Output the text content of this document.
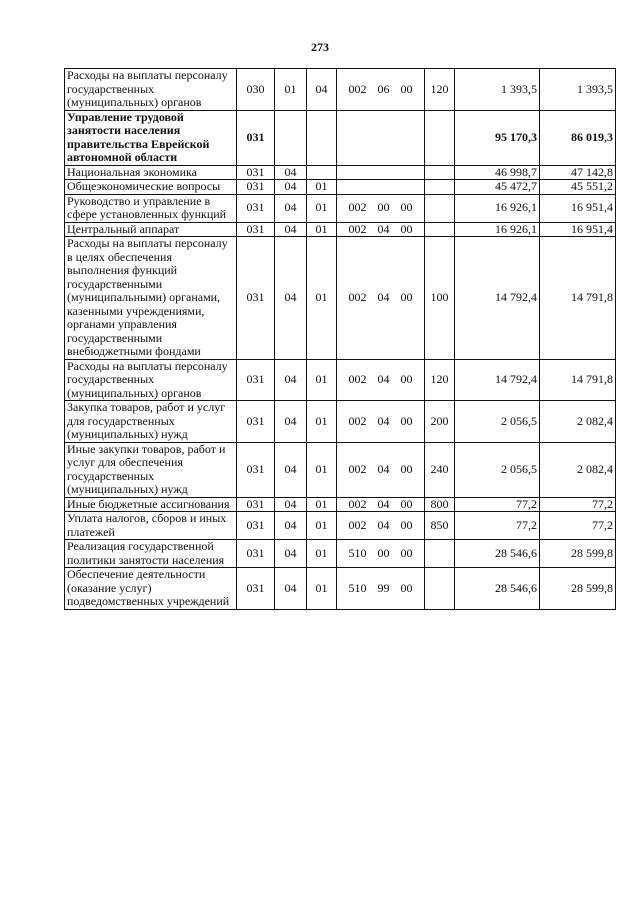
273
Расходы на выплаты персоналу государственных (муниципальных) органов	030	01	04	002 06 00	120	1 393,5	1 393,5
Управление трудовой занятости населения правительства Еврейской автономной области	031					95 170,3	86 019,3
Национальная экономика	031	04				46 998,7	47 142,8
Общеэкономические вопросы	031	04	01			45 472,7	45 551,2
Руководство и управление в сфере установленных функций	031	04	01	002 00 00		16 926,1	16 951,4
Центральный аппарат	031	04	01	002 04 00		16 926,1	16 951,4
Расходы на выплаты персоналу в целях обеспечения выполнения функций государственными (муниципальными) органами, казенными учреждениями, органами управления государственными внебюджетными фондами	031	04	01	002 04 00	100	14 792,4	14 791,8
Расходы на выплаты персоналу государственных (муниципальных) органов	031	04	01	002 04 00	120	14 792,4	14 791,8
Закупка товаров, работ и услуг для государственных (муниципальных) нужд	031	04	01	002 04 00	200	2 056,5	2 082,4
Иные закупки товаров, работ и услуг для обеспечения государственных (муниципальных) нужд	031	04	01	002 04 00	240	2 056,5	2 082,4
Иные бюджетные ассигнования	031	04	01	002 04 00	800	77,2	77,2
Уплата налогов, сборов и иных платежей	031	04	01	002 04 00	850	77,2	77,2
Реализация государственной политики занятости населения	031	04	01	510 00 00		28 546,6	28 599,8
Обеспечение деятельности (оказание услуг) подведомственных учреждений	031	04	01	510 99 00		28 546,6	28 599,8
